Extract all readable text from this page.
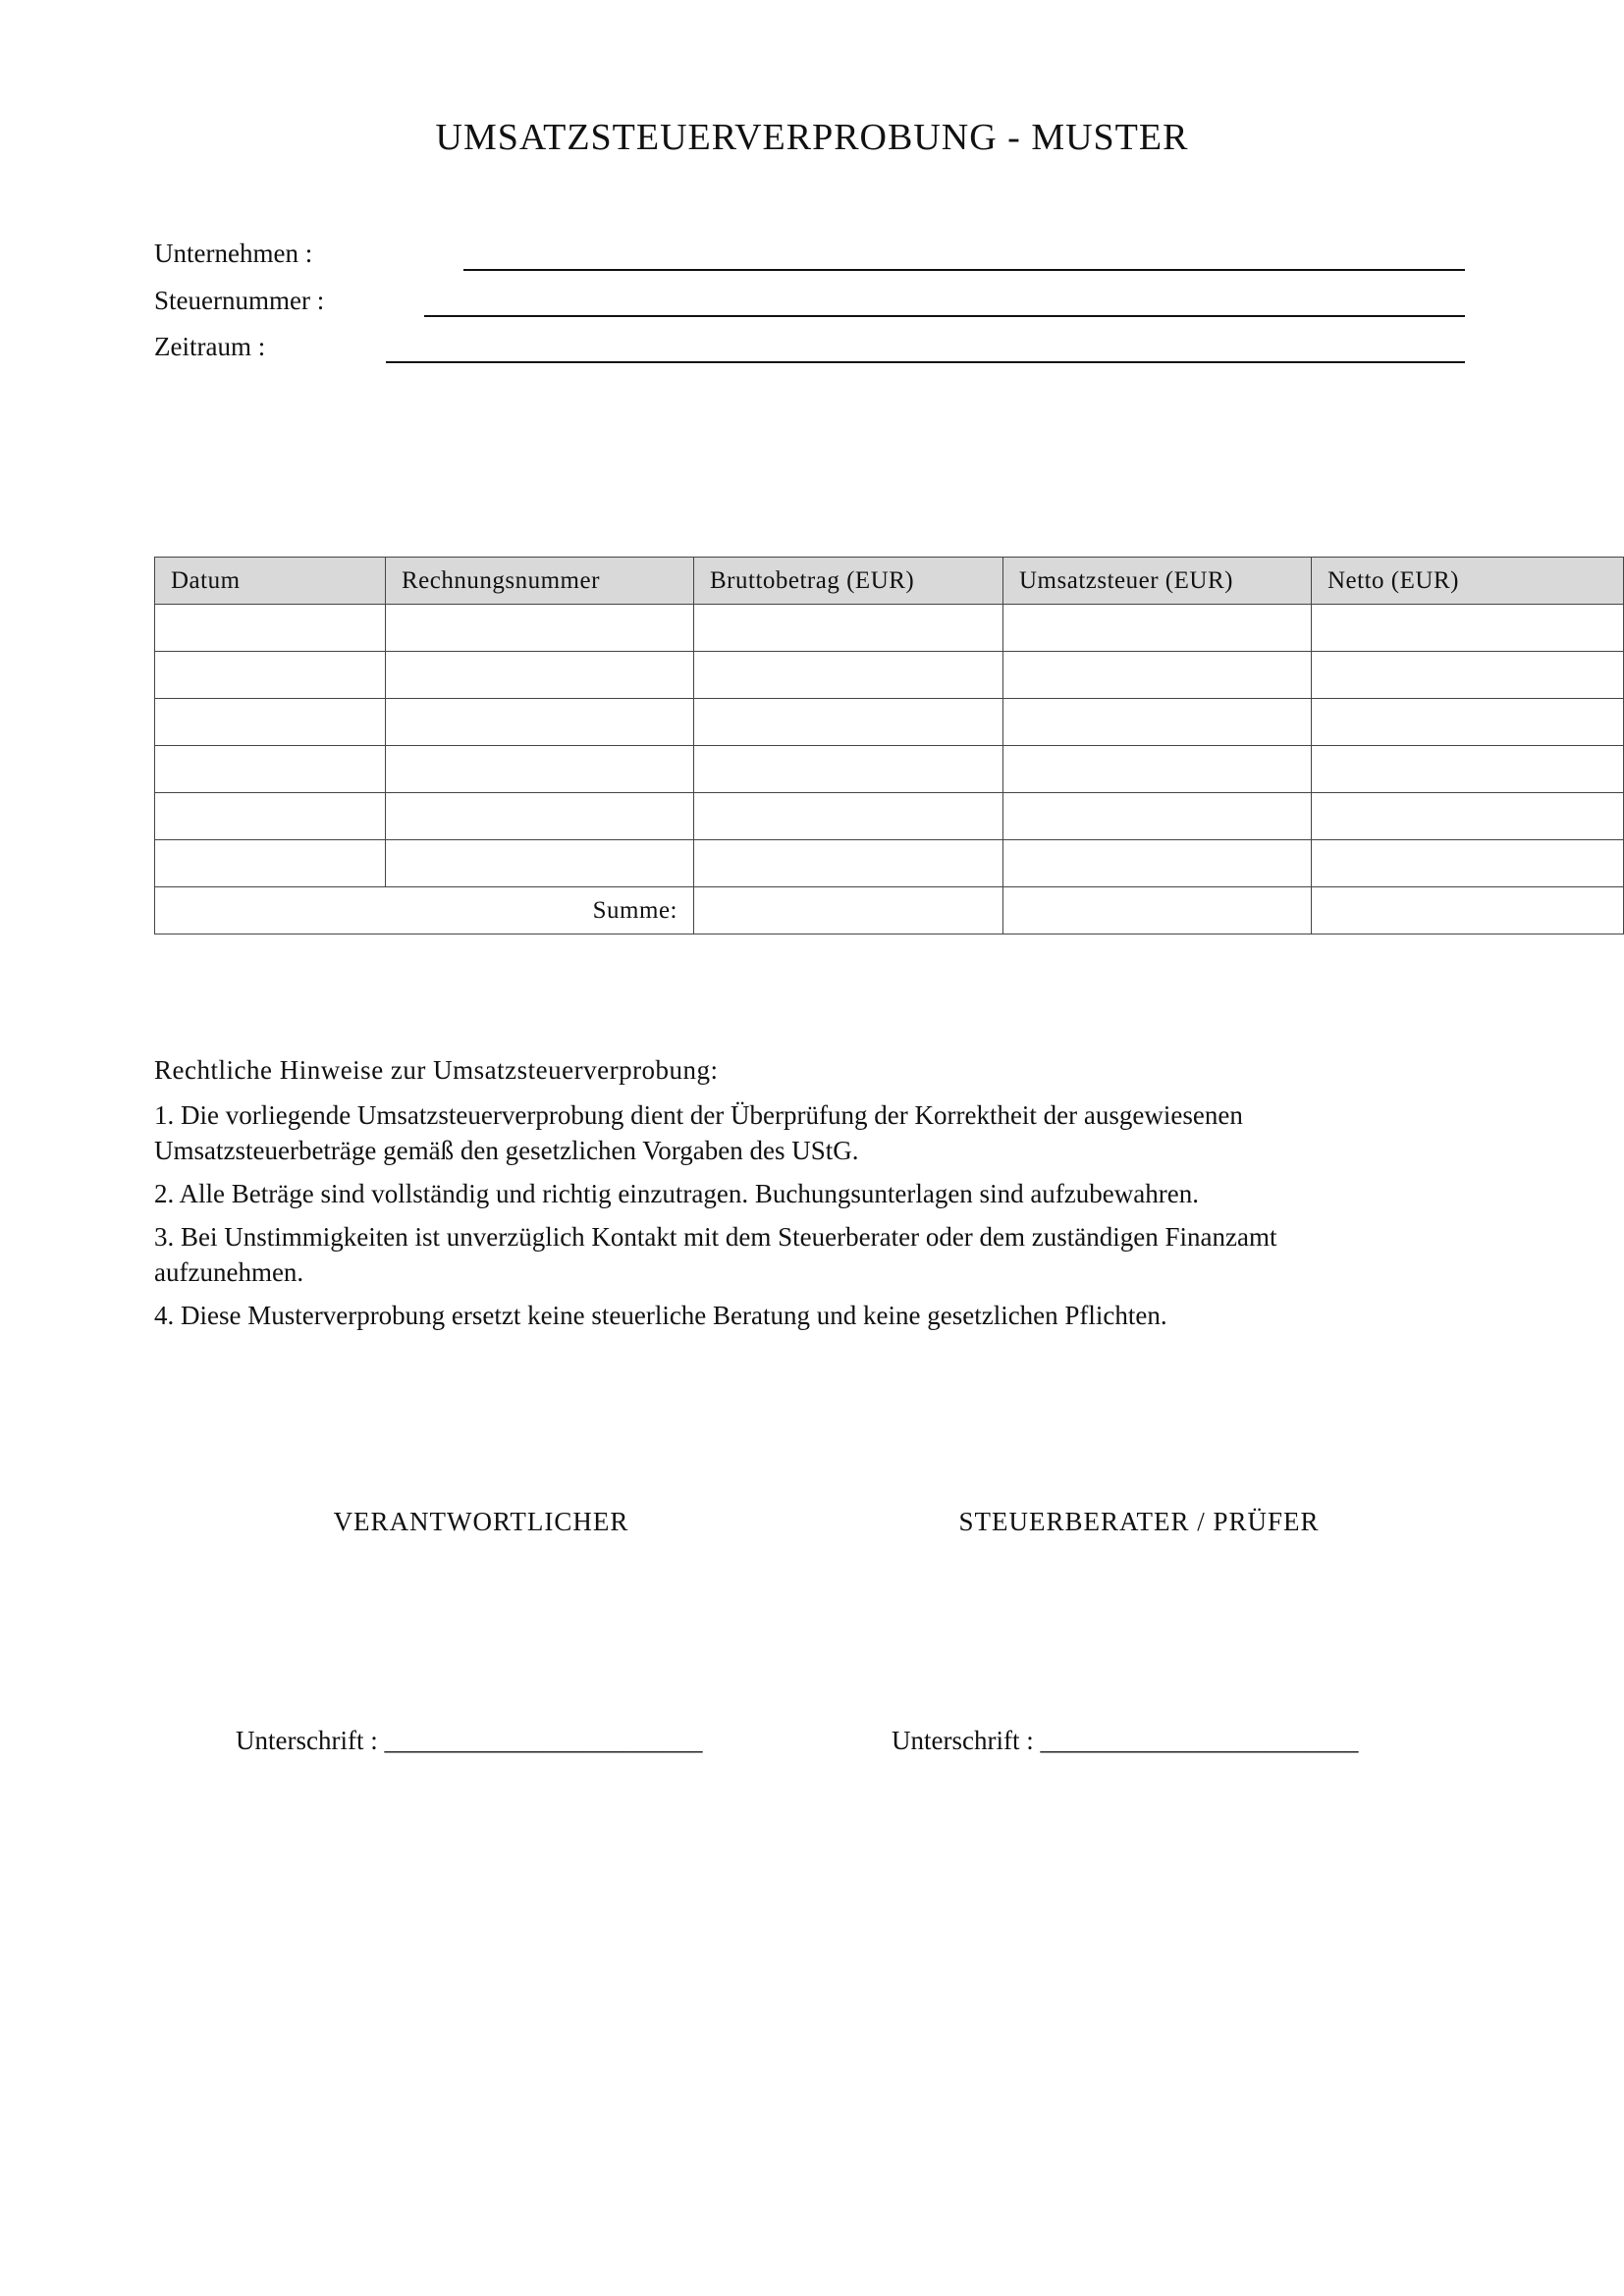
UMSATZSTEUERVERPROBUNG - MUSTER
Unternehmen :
Steuernummer :
Zeitraum :
Datum	Rechnungsnummer	Bruttobetrag (EUR)	Umsatzsteuer (EUR)	Netto (EUR)

Summe:				

Rechtliche Hinweise zur Umsatzsteuerverprobung:

1. Die vorliegende Umsatzsteuerverprobung dient der Überprüfung der Korrektheit der ausgewiesenen Umsatzsteuerbeträge gemäß den gesetzlichen Vorgaben des UStG.

2. Alle Beträge sind vollständig und richtig einzutragen. Buchungsunterlagen sind aufzubewahren.

3. Bei Unstimmigkeiten ist unverzüglich Kontakt mit dem Steuerberater oder dem zuständigen Finanzamt aufzunehmen.

4. Diese Musterverprobung ersetzt keine steuerliche Beratung und keine gesetzlichen Pflichten.

VERANTWORTLICHER	STEUERBERATER / PRÜFER
Unterschrift : ________________________	Unterschrift : ________________________
